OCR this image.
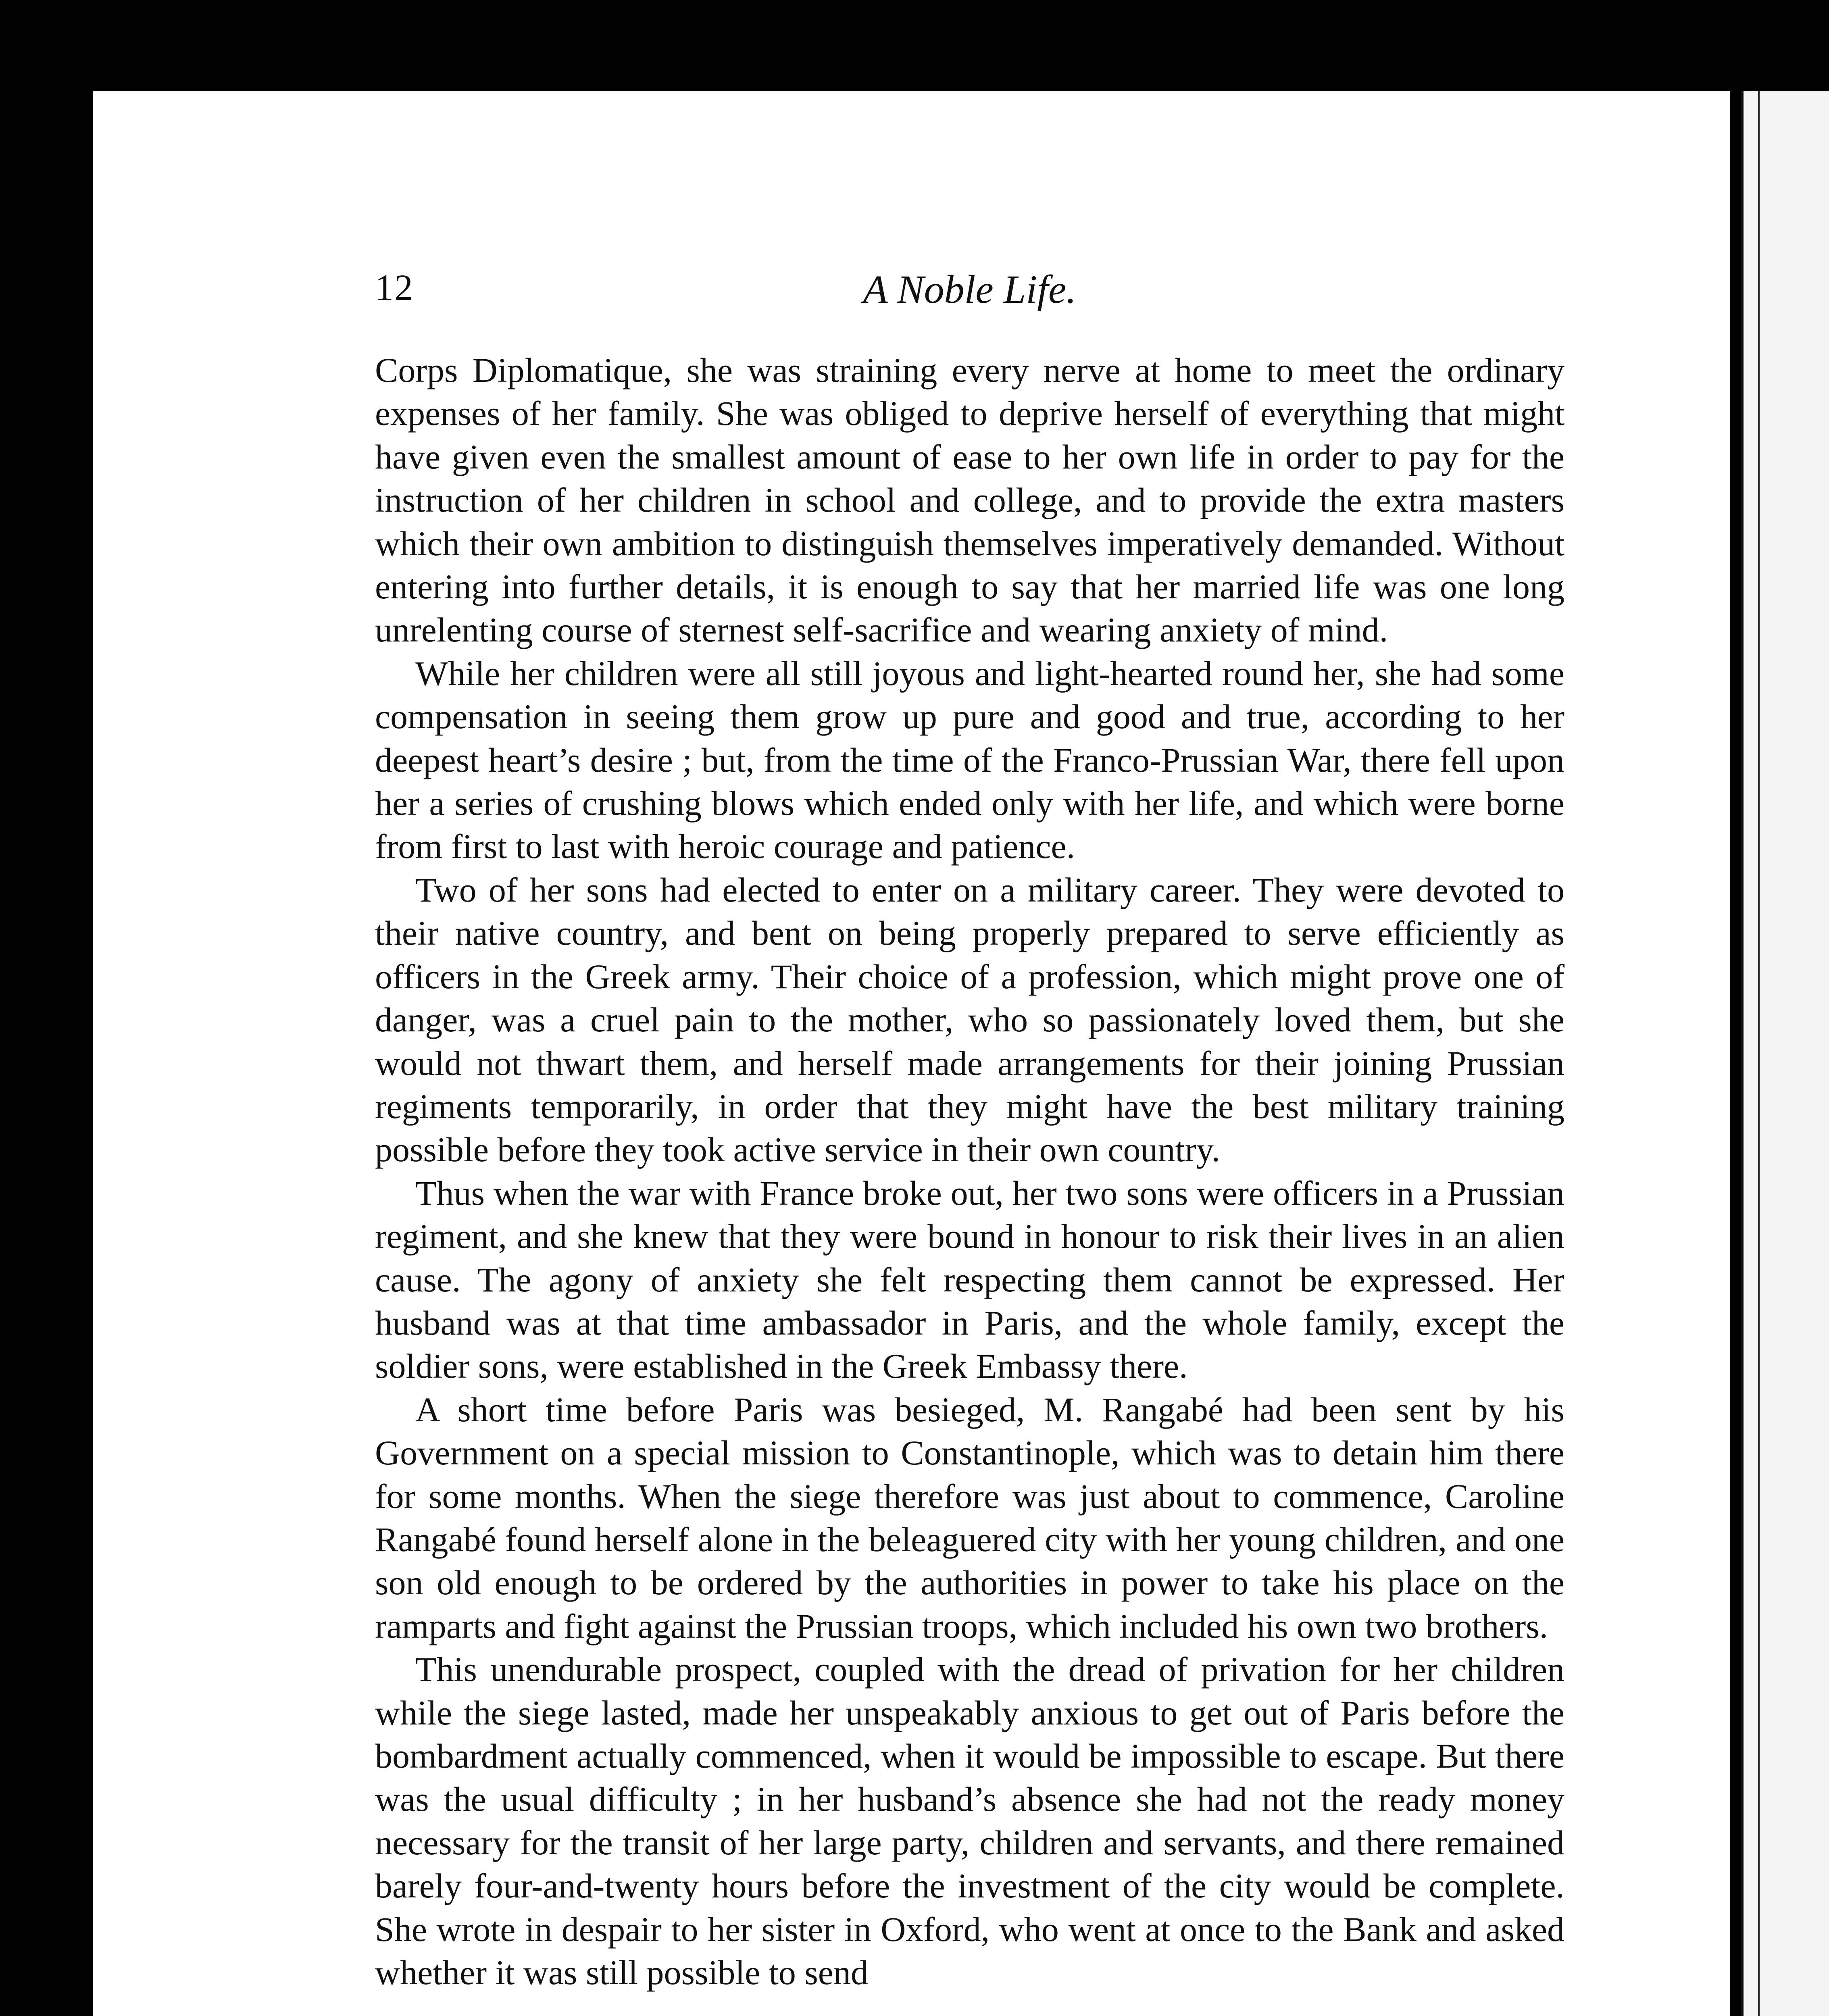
12	A Noble Life.

Corps Diplomatique, she was straining every nerve at home to meet the ordinary expenses of her family. She was obliged to deprive herself of everything that might have given even the smallest amount of ease to her own life in order to pay for the instruction of her children in school and college, and to provide the extra masters which their own ambition to distinguish themselves imperatively demanded. Without entering into further details, it is enough to say that her married life was one long unrelenting course of sternest self-sacrifice and wearing anxiety of mind.

While her children were all still joyous and light-hearted round her, she had some compensation in seeing them grow up pure and good and true, according to her deepest heart’s desire ; but, from the time of the Franco-Prussian War, there fell upon her a series of crushing blows which ended only with her life, and which were borne from first to last with heroic courage and patience.

Two of her sons had elected to enter on a military career. They were devoted to their native country, and bent on being properly prepared to serve efficiently as officers in the Greek army. Their choice of a profession, which might prove one of danger, was a cruel pain to the mother, who so passionately loved them, but she would not thwart them, and herself made arrangements for their joining Prussian regiments temporarily, in order that they might have the best military training possible before they took active service in their own country.

Thus when the war with France broke out, her two sons were officers in a Prussian regiment, and she knew that they were bound in honour to risk their lives in an alien cause. The agony of anxiety she felt respecting them cannot be expressed. Her husband was at that time ambassador in Paris, and the whole family, except the soldier sons, were established in the Greek Embassy there.

A short time before Paris was besieged, M. Rangabé had been sent by his Government on a special mission to Constantinople, which was to detain him there for some months. When the siege therefore was just about to commence, Caroline Rangabé found herself alone in the beleaguered city with her young children, and one son old enough to be ordered by the authorities in power to take his place on the ramparts and fight against the Prussian troops, which included his own two brothers.

This unendurable prospect, coupled with the dread of privation for her children while the siege lasted, made her unspeakably anxious to get out of Paris before the bombardment actually commenced, when it would be impossible to escape. But there was the usual difficulty ; in her husband’s absence she had not the ready money necessary for the transit of her large party, children and servants, and there remained barely four-and-twenty hours before the investment of the city would be complete. She wrote in despair to her sister in Oxford, who went at once to the Bank and asked whether it was still possible to send
